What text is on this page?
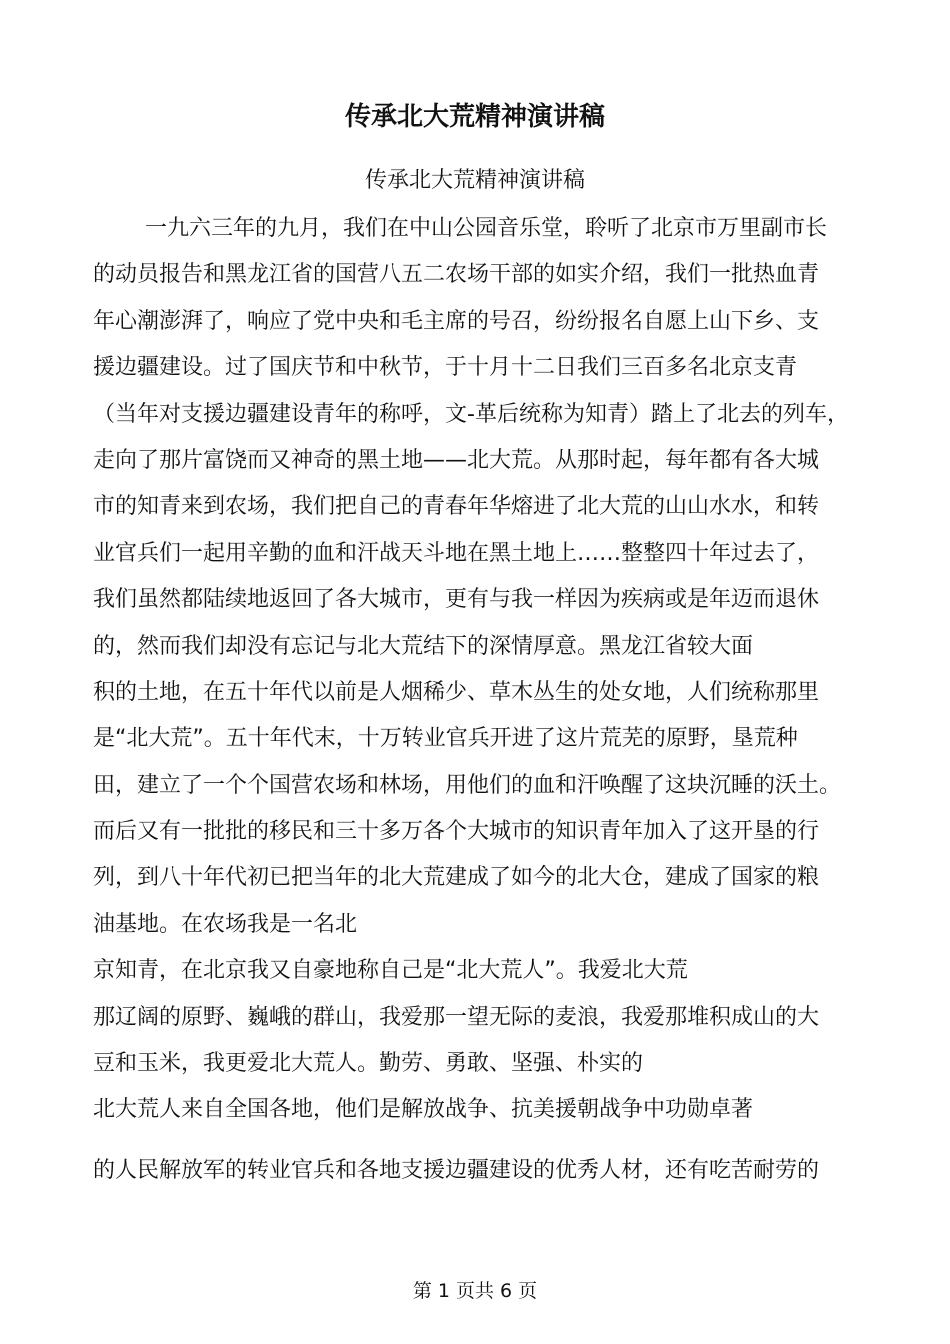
传承北大荒精神演讲稿
传承北大荒精神演讲稿
一九六三年的九月，我们在中山公园音乐堂，聆听了北京市万里副市长
的动员报告和黑龙江省的国营八五二农场干部的如实介绍，我们一批热血青
年心潮澎湃了，响应了党中央和毛主席的号召，纷纷报名自愿上山下乡、支
援边疆建设。过了国庆节和中秋节，于十月十二日我们三百多名北京支青
（当年对支援边疆建设青年的称呼，文-革后统称为知青）踏上了北去的列车，
走向了那片富饶而又神奇的黑土地——北大荒。从那时起，每年都有各大城
市的知青来到农场，我们把自己的青春年华熔进了北大荒的山山水水，和转
业官兵们一起用辛勤的血和汗战天斗地在黑土地上……整整四十年过去了，
我们虽然都陆续地返回了各大城市，更有与我一样因为疾病或是年迈而退休
的，然而我们却没有忘记与北大荒结下的深情厚意。黑龙江省较大面
积的土地，在五十年代以前是人烟稀少、草木丛生的处女地，人们统称那里
是“北大荒”。五十年代末，十万转业官兵开进了这片荒芜的原野，垦荒种
田，建立了一个个国营农场和林场，用他们的血和汗唤醒了这块沉睡的沃土。
而后又有一批批的移民和三十多万各个大城市的知识青年加入了这开垦的行
列，到八十年代初已把当年的北大荒建成了如今的北大仓，建成了国家的粮
油基地。在农场我是一名北
京知青，在北京我又自豪地称自己是“北大荒人”。我爱北大荒
那辽阔的原野、巍峨的群山，我爱那一望无际的麦浪，我爱那堆积成山的大
豆和玉米，我更爱北大荒人。勤劳、勇敢、坚强、朴实的
北大荒人来自全国各地，他们是解放战争、抗美援朝战争中功勋卓著
的人民解放军的转业官兵和各地支援边疆建设的优秀人材，还有吃苦耐劳的
第 1 页共 6 页
